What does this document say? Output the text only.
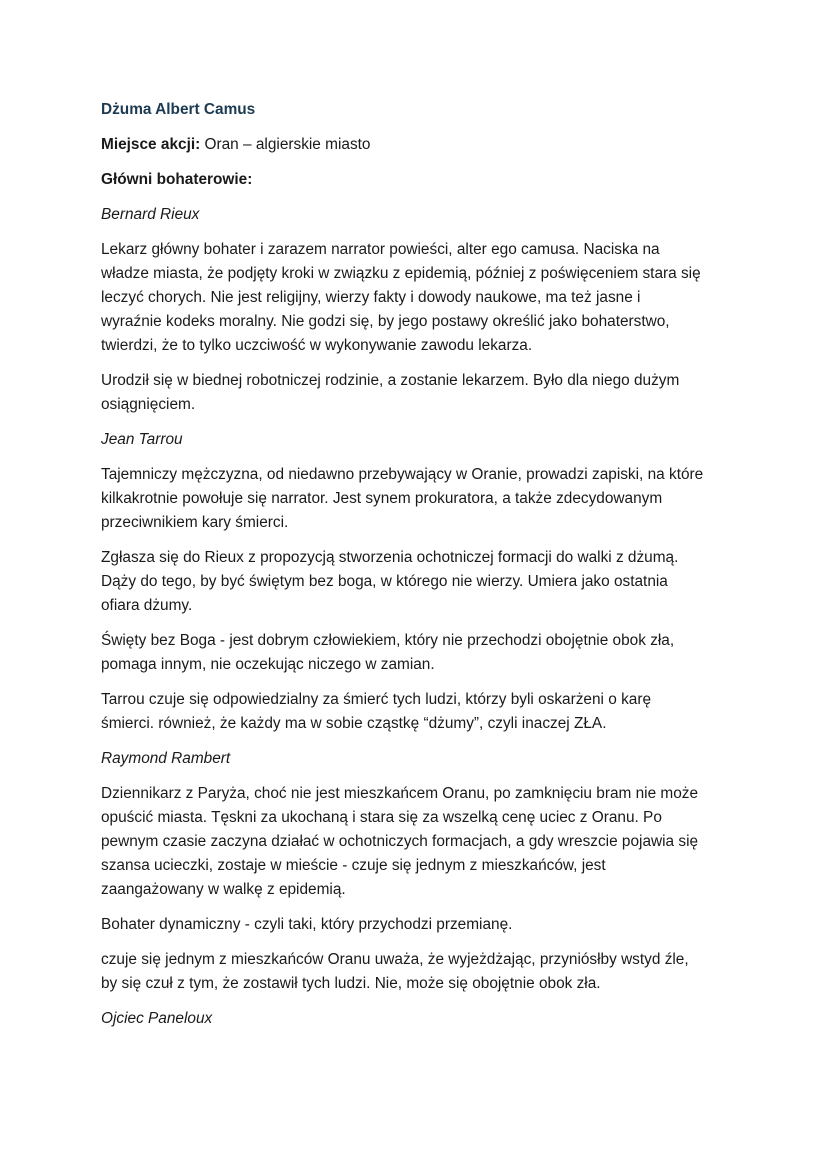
Dżuma Albert Camus
Miejsce akcji: Oran – algierskie miasto
Główni bohaterowie:
Bernard Rieux
Lekarz główny bohater i zarazem narrator powieści, alter ego camusa. Naciska na
władze miasta, że podjęty kroki w związku z epidemią, później z poświęceniem stara się
leczyć chorych. Nie jest religijny, wierzy fakty i dowody naukowe, ma też jasne i
wyraźnie kodeks moralny. Nie godzi się, by jego postawy określić jako bohaterstwo,
twierdzi, że to tylko uczciwość w wykonywanie zawodu lekarza.
Urodził się w biednej robotniczej rodzinie, a zostanie lekarzem. Było dla niego dużym
osiągnięciem.
Jean Tarrou
Tajemniczy mężczyzna, od niedawno przebywający w Oranie, prowadzi zapiski, na które
kilkakrotnie powołuje się narrator. Jest synem prokuratora, a także zdecydowanym
przeciwnikiem kary śmierci.
Zgłasza się do Rieux z propozycją stworzenia ochotniczej formacji do walki z dżumą.
Dąży do tego, by być świętym bez boga, w którego nie wierzy. Umiera jako ostatnia
ofiara dżumy.
Święty bez Boga - jest dobrym człowiekiem, który nie przechodzi obojętnie obok zła,
pomaga innym, nie oczekując niczego w zamian.
Tarrou czuje się odpowiedzialny za śmierć tych ludzi, którzy byli oskarżeni o karę
śmierci. również, że każdy ma w sobie cząstkę “dżumy”, czyli inaczej ZŁA.
Raymond Rambert
Dziennikarz z Paryża, choć nie jest mieszkańcem Oranu, po zamknięciu bram nie może
opuścić miasta. Tęskni za ukochaną i stara się za wszelką cenę uciec z Oranu. Po
pewnym czasie zaczyna działać w ochotniczych formacjach, a gdy wreszcie pojawia się
szansa ucieczki, zostaje w mieście - czuje się jednym z mieszkańców, jest
zaangażowany w walkę z epidemią.
Bohater dynamiczny - czyli taki, który przychodzi przemianę.
czuje się jednym z mieszkańców Oranu uważa, że wyjeżdżając, przyniósłby wstyd źle,
by się czuł z tym, że zostawił tych ludzi. Nie, może się obojętnie obok zła.
Ojciec Paneloux
